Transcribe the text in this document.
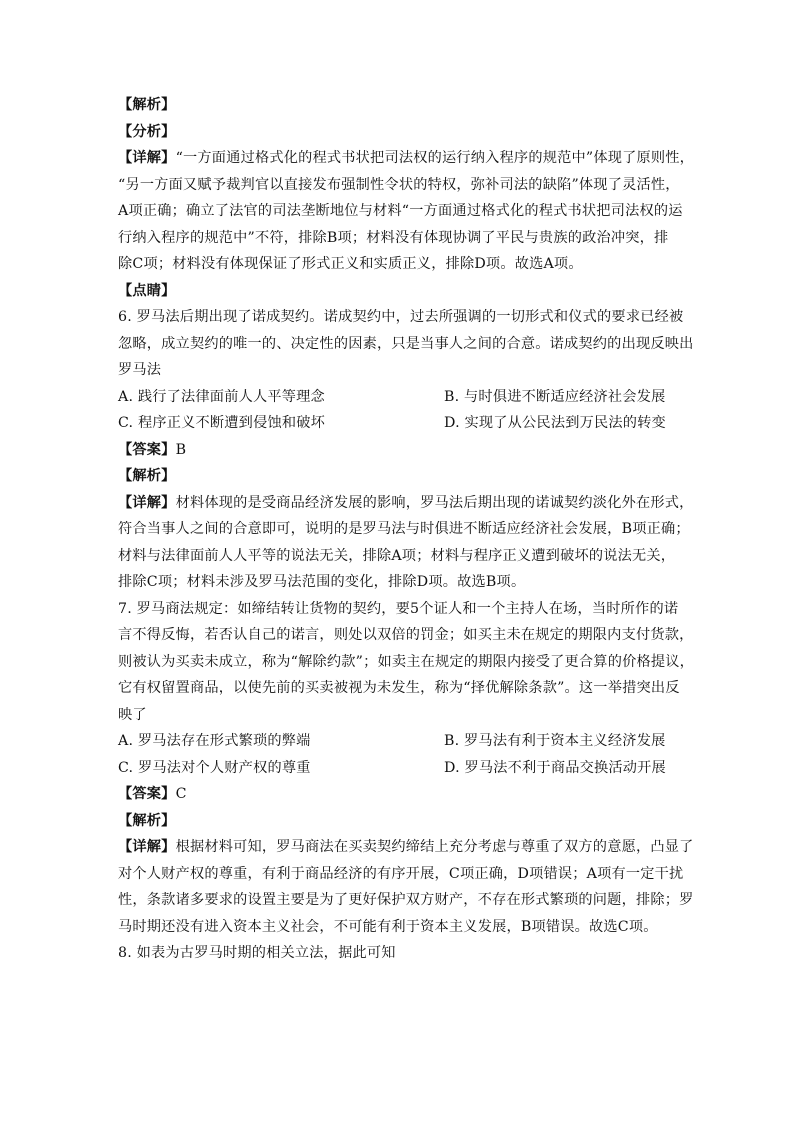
【解析】
【分析】
【详解】“一方面通过格式化的程式书状把司法权的运行纳入程序的规范中”体现了原则性，
“另一方面又赋予裁判官以直接发布强制性令状的特权，弥补司法的缺陷”体现了灵活性，
A项正确；确立了法官的司法垄断地位与材料“一方面通过格式化的程式书状把司法权的运
行纳入程序的规范中”不符，排除B项；材料没有体现协调了平民与贵族的政治冲突，排
除C项；材料没有体现保证了形式正义和实质正义，排除D项。故选A项。
【点睛】
6. 罗马法后期出现了诺成契约。诺成契约中，过去所强调的一切形式和仪式的要求已经被
忽略，成立契约的唯一的、决定性的因素，只是当事人之间的合意。诺成契约的出现反映出
罗马法
A. 践行了法律面前人人平等理念	B. 与时俱进不断适应经济社会发展
C. 程序正义不断遭到侵蚀和破坏	D. 实现了从公民法到万民法的转变
【答案】B
【解析】
【详解】材料体现的是受商品经济发展的影响，罗马法后期出现的诺诚契约淡化外在形式，
符合当事人之间的合意即可，说明的是罗马法与时俱进不断适应经济社会发展，B项正确；
材料与法律面前人人平等的说法无关，排除A项；材料与程序正义遭到破坏的说法无关，
排除C项；材料未涉及罗马法范围的变化，排除D项。故选B项。
7. 罗马商法规定：如缔结转让货物的契约，要5个证人和一个主持人在场，当时所作的诺
言不得反悔，若否认自己的诺言，则处以双倍的罚金；如买主未在规定的期限内支付货款，
则被认为买卖未成立，称为“解除约款”；如卖主在规定的期限内接受了更合算的价格提议，
它有权留置商品，以使先前的买卖被视为未发生，称为“择优解除条款”。这一举措突出反
映了
A. 罗马法存在形式繁琐的弊端	B. 罗马法有利于资本主义经济发展
C. 罗马法对个人财产权的尊重	D. 罗马法不利于商品交换活动开展
【答案】C
【解析】
【详解】根据材料可知，罗马商法在买卖契约缔结上充分考虑与尊重了双方的意愿，凸显了
对个人财产权的尊重，有利于商品经济的有序开展，C项正确，D项错误；A项有一定干扰
性，条款诸多要求的设置主要是为了更好保护双方财产，不存在形式繁琐的问题，排除；罗
马时期还没有进入资本主义社会，不可能有利于资本主义发展，B项错误。故选C项。
8. 如表为古罗马时期的相关立法，据此可知
